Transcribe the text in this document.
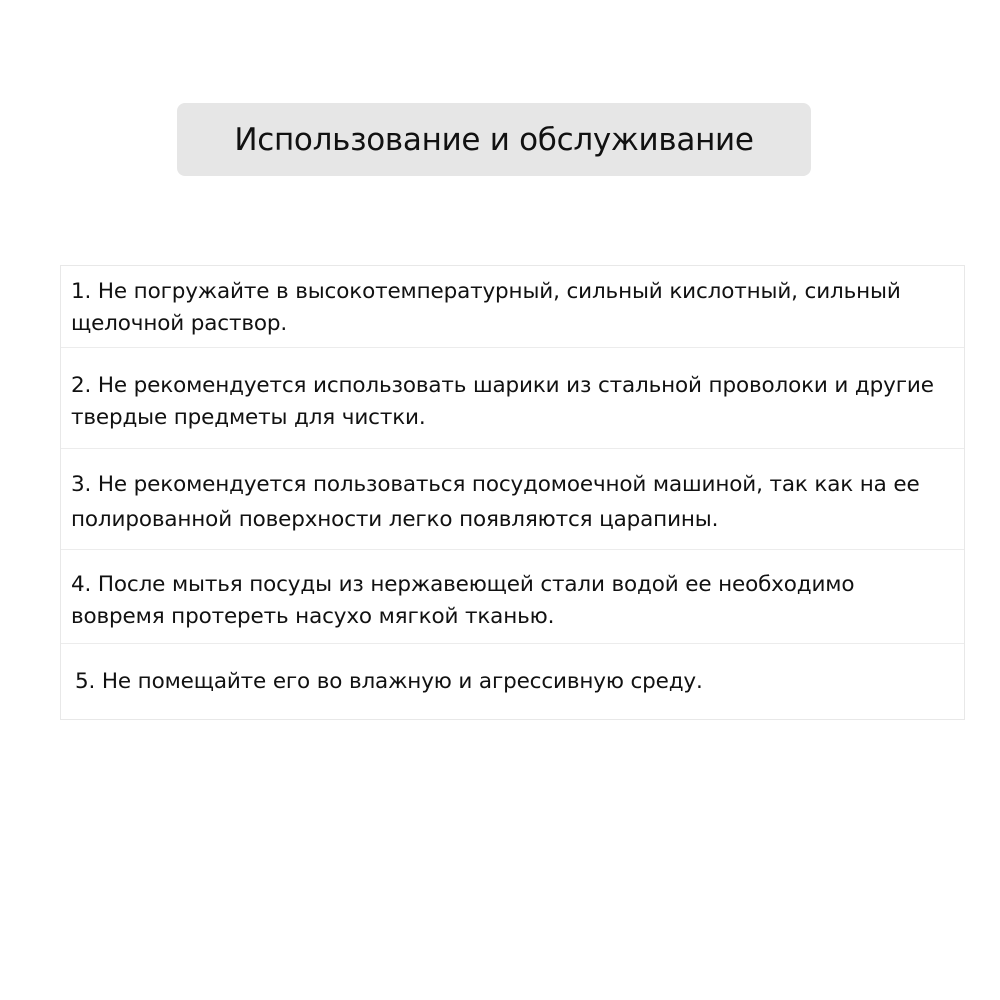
Использование и обслуживание
1. Не погружайте в высокотемпературный, сильный кислотный, сильный щелочной раствор.
2. Не рекомендуется использовать шарики из стальной проволоки и другие твердые предметы для чистки.
3. Не рекомендуется пользоваться посудомоечной машиной, так как на ее полированной поверхности легко появляются царапины.
4. После мытья посуды из нержавеющей стали водой ее необходимо вовремя протереть насухо мягкой тканью.
5. Не помещайте его во влажную и агрессивную среду.
